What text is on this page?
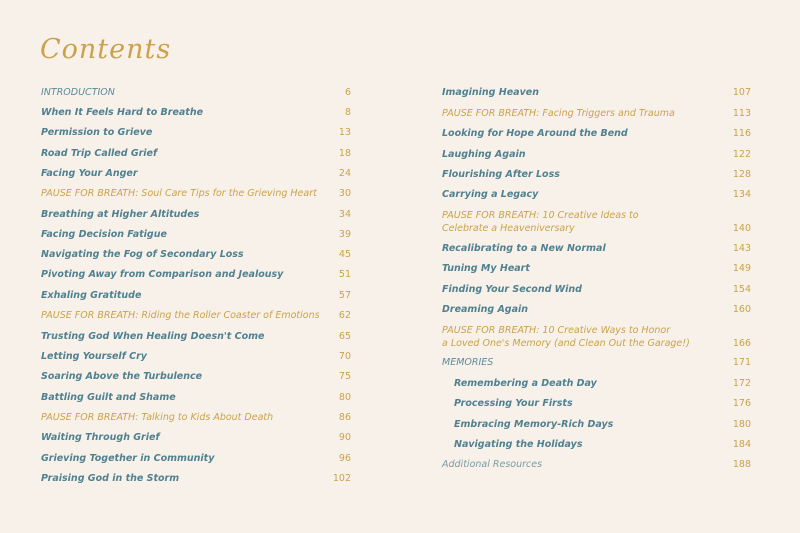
Contents
INTRODUCTION	6
When It Feels Hard to Breathe	8
Permission to Grieve	13
Road Trip Called Grief	18
Facing Your Anger	24
PAUSE FOR BREATH: Soul Care Tips for the Grieving Heart	30
Breathing at Higher Altitudes	34
Facing Decision Fatigue	39
Navigating the Fog of Secondary Loss	45
Pivoting Away from Comparison and Jealousy	51
Exhaling Gratitude	57
PAUSE FOR BREATH: Riding the Roller Coaster of Emotions	62
Trusting God When Healing Doesn't Come	65
Letting Yourself Cry	70
Soaring Above the Turbulence	75
Battling Guilt and Shame	80
PAUSE FOR BREATH: Talking to Kids About Death	86
Waiting Through Grief	90
Grieving Together in Community	96
Praising God in the Storm	102
Imagining Heaven	107
PAUSE FOR BREATH: Facing Triggers and Trauma	113
Looking for Hope Around the Bend	116
Laughing Again	122
Flourishing After Loss	128
Carrying a Legacy	134
PAUSE FOR BREATH: 10 Creative Ideas to
Celebrate a Heaveniversary	140
Recalibrating to a New Normal	143
Tuning My Heart	149
Finding Your Second Wind	154
Dreaming Again	160
PAUSE FOR BREATH: 10 Creative Ways to Honor
a Loved One's Memory (and Clean Out the Garage!)	166
MEMORIES	171
Remembering a Death Day	172
Processing Your Firsts	176
Embracing Memory-Rich Days	180
Navigating the Holidays	184
Additional Resources	188
